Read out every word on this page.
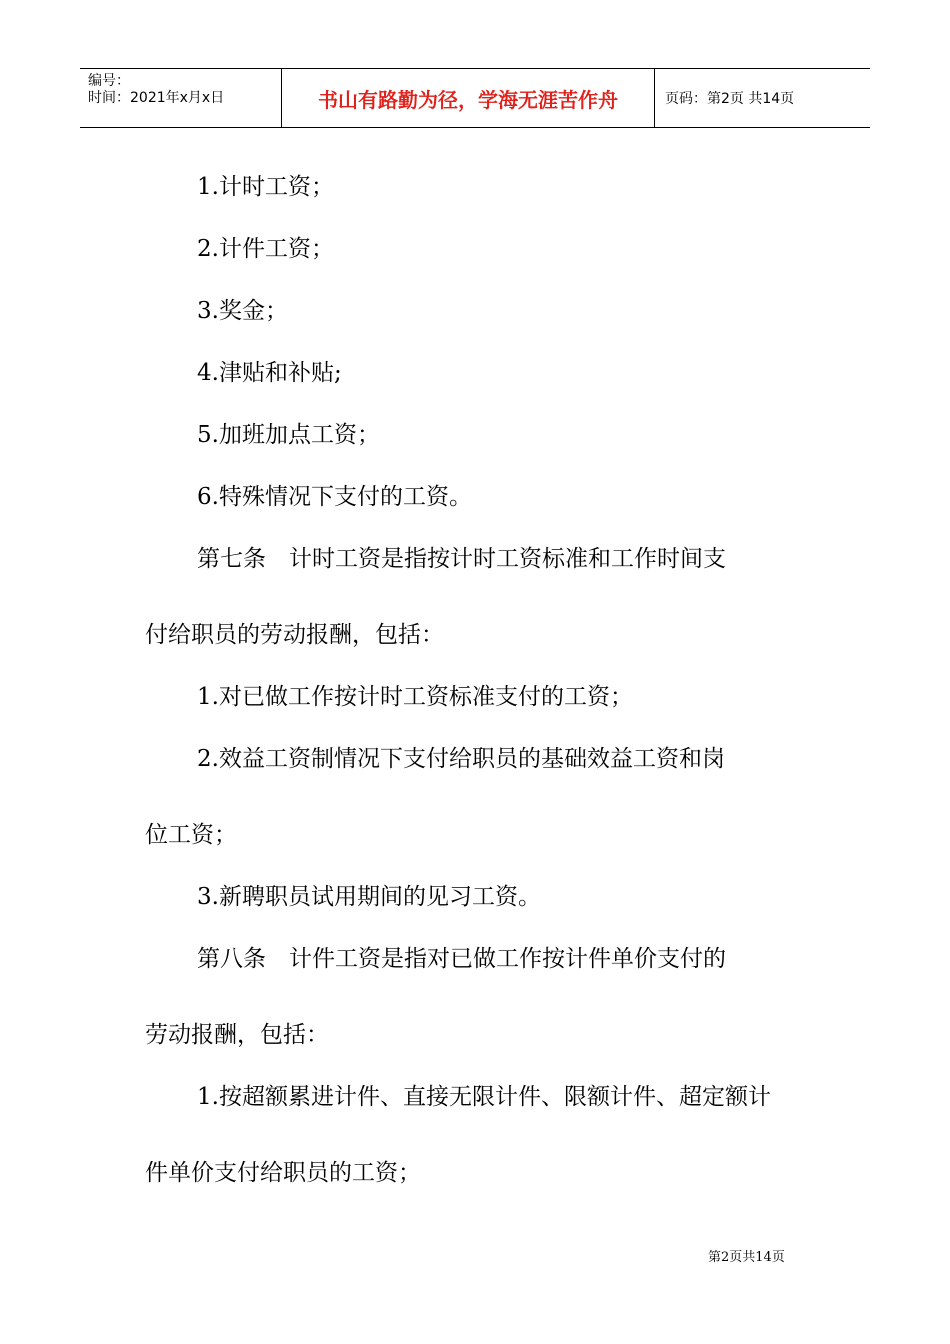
编号：
时间：2021年x月x日	书山有路勤为径，学海无涯苦作舟	页码：第2页 共14页
1.计时工资；
2.计件工资；
3.奖金；
4.津贴和补贴;
5.加班加点工资；
6.特殊情况下支付的工资。
第七条　计时工资是指按计时工资标准和工作时间支
付给职员的劳动报酬，包括：
1.对已做工作按计时工资标准支付的工资；
2.效益工资制情况下支付给职员的基础效益工资和岗
位工资；
3.新聘职员试用期间的见习工资。
第八条　计件工资是指对已做工作按计件单价支付的
劳动报酬，包括：
1.按超额累进计件、直接无限计件、限额计件、超定额计
件单价支付给职员的工资；
第2页共14页
